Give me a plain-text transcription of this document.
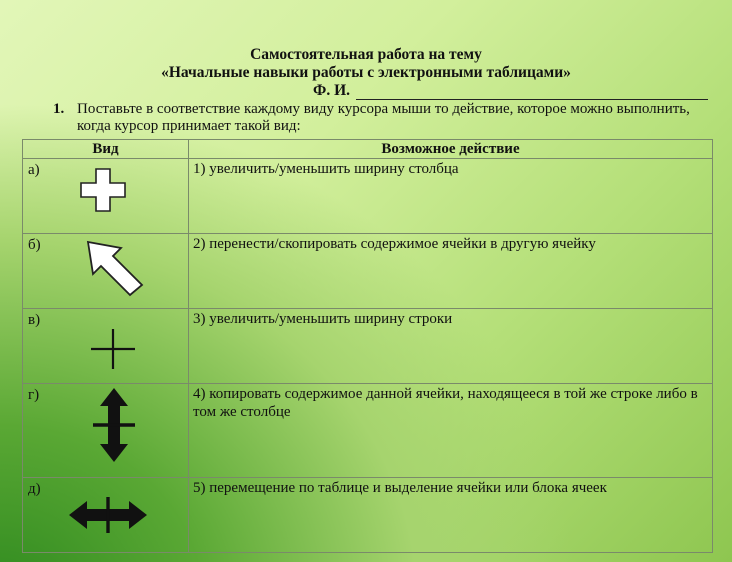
Самостоятельная работа на тему
«Начальные навыки работы с электронными таблицами»
Ф. И.
1. Поставьте в соответствие каждому виду курсора мыши то действие, которое можно выполнить, когда курсор принимает такой вид:
Вид	Возможное действие

а)	1) увеличить/уменьшить ширину столбца

б)	2) перенести/скопировать содержимое ячейки в другую ячейку

в)	3) увеличить/уменьшить ширину строки

г)	4) копировать содержимое данной ячейки, находящееся в той же строке либо в том же столбце

д)	5) перемещение по таблице и выделение ячейки или блока ячеек
